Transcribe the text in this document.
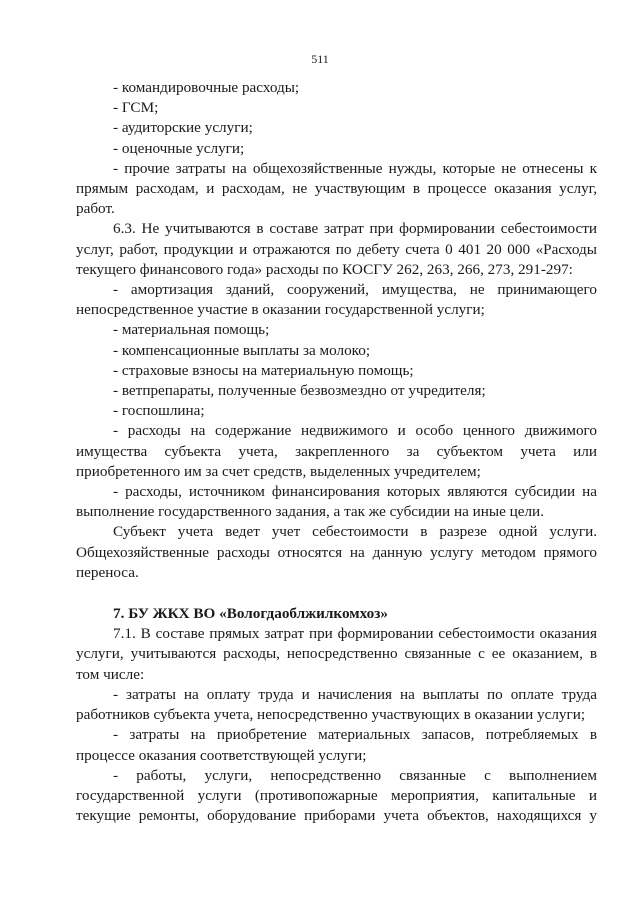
511

- командировочные расходы;

- ГСМ;

- аудиторские услуги;

- оценочные услуги;

- прочие затраты на общехозяйственные нужды, которые не отнесены к

прямым расходам, и расходам, не участвующим в процессе оказания услуг,

работ.

6.3. Не учитываются в составе затрат при формировании себестоимости

услуг, работ, продукции и отражаются по дебету счета 0 401 20 000 «Расходы

текущего финансового года» расходы по КОСГУ 262, 263, 266, 273, 291-297:

- амортизация зданий, сооружений, имущества, не принимающего

непосредственное участие в оказании государственной услуги;

- материальная помощь;

- компенсационные выплаты за молоко;

- страховые взносы на материальную помощь;

- ветпрепараты, полученные безвозмездно от учредителя;

- госпошлина;

- расходы на содержание недвижимого и особо ценного движимого

имущества субъекта учета, закрепленного за субъектом учета или

приобретенного им за счет средств, выделенных учредителем;

- расходы, источником финансирования которых являются субсидии на

выполнение государственного задания, а так же субсидии на иные цели.

Субъект учета ведет учет себестоимости в разрезе одной услуги.

Общехозяйственные расходы относятся на данную услугу методом прямого

переноса.

7. БУ ЖКХ ВО «Вологдаоблжилкомхоз»

7.1. В составе прямых затрат при формировании себестоимости оказания

услуги, учитываются расходы, непосредственно связанные с ее оказанием, в

том числе:

- затраты на оплату труда и начисления на выплаты по оплате труда

работников субъекта учета, непосредственно участвующих в оказании услуги;

- затраты на приобретение материальных запасов, потребляемых в

процессе оказания соответствующей услуги;

- работы, услуги, непосредственно связанные с выполнением

государственной услуги (противопожарные мероприятия, капитальные и

текущие ремонты, оборудование приборами учета объектов, находящихся у
